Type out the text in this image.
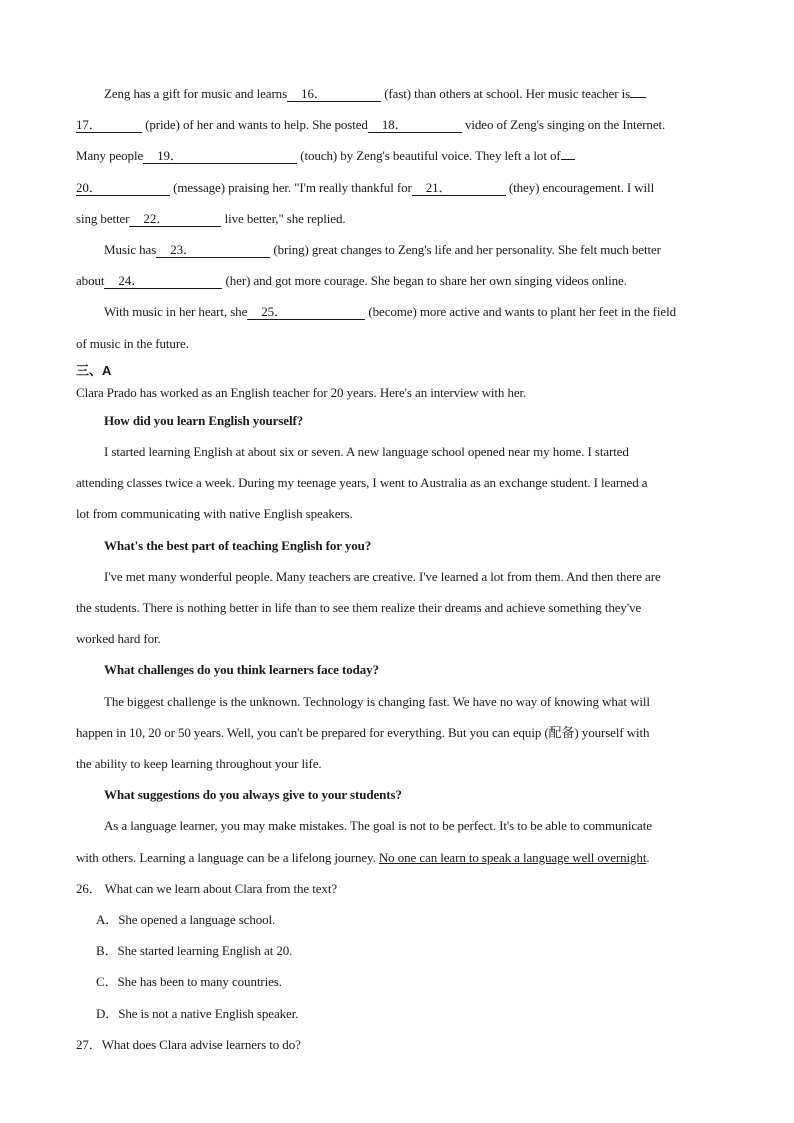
Zeng has a gift for music and learns 16．	(fast) than others at school. Her music teacher is
17．	(pride) of her and wants to help. She posted 18．	video of Zeng's singing on the Internet.
Many people 19．	(touch) by Zeng's beautiful voice. They left a lot of
20．	(message) praising her. "I'm really thankful for 21．	(they) encouragement. I will
sing better 22．	live better," she replied.
Music has 23．	(bring) great changes to Zeng's life and her personality. She felt much better
about 24．	(her) and got more courage. She began to share her own singing videos online.
With music in her heart, she 25．	(become) more active and wants to plant her feet in the field
of music in the future.
三、A
Clara Prado has worked as an English teacher for 20 years. Here's an interview with her.
How did you learn English yourself?
I started learning English at about six or seven. A new language school opened near my home. I started
attending classes twice a week. During my teenage years, I went to Australia as an exchange student. I learned a
lot from communicating with native English speakers.
What's the best part of teaching English for you?
I've met many wonderful people. Many teachers are creative. I've learned a lot from them. And then there are
the students. There is nothing better in life than to see them realize their dreams and achieve something they've
worked hard for.
What challenges do you think learners face today?
The biggest challenge is the unknown. Technology is changing fast. We have no way of knowing what will
happen in 10, 20 or 50 years. Well, you can't be prepared for everything. But you can equip (配备) yourself with
the ability to keep learning throughout your life.
What suggestions do you always give to your students?
As a language learner, you may make mistakes. The goal is not to be perfect. It's to be able to communicate
with others. Learning a language can be a lifelong journey. No one can learn to speak a language well overnight.
26． What can we learn about Clara from the text?
A．She opened a language school.
B．She started learning English at 20.
C．She has been to many countries.
D．She is not a native English speaker.
27．What does Clara advise learners to do?
